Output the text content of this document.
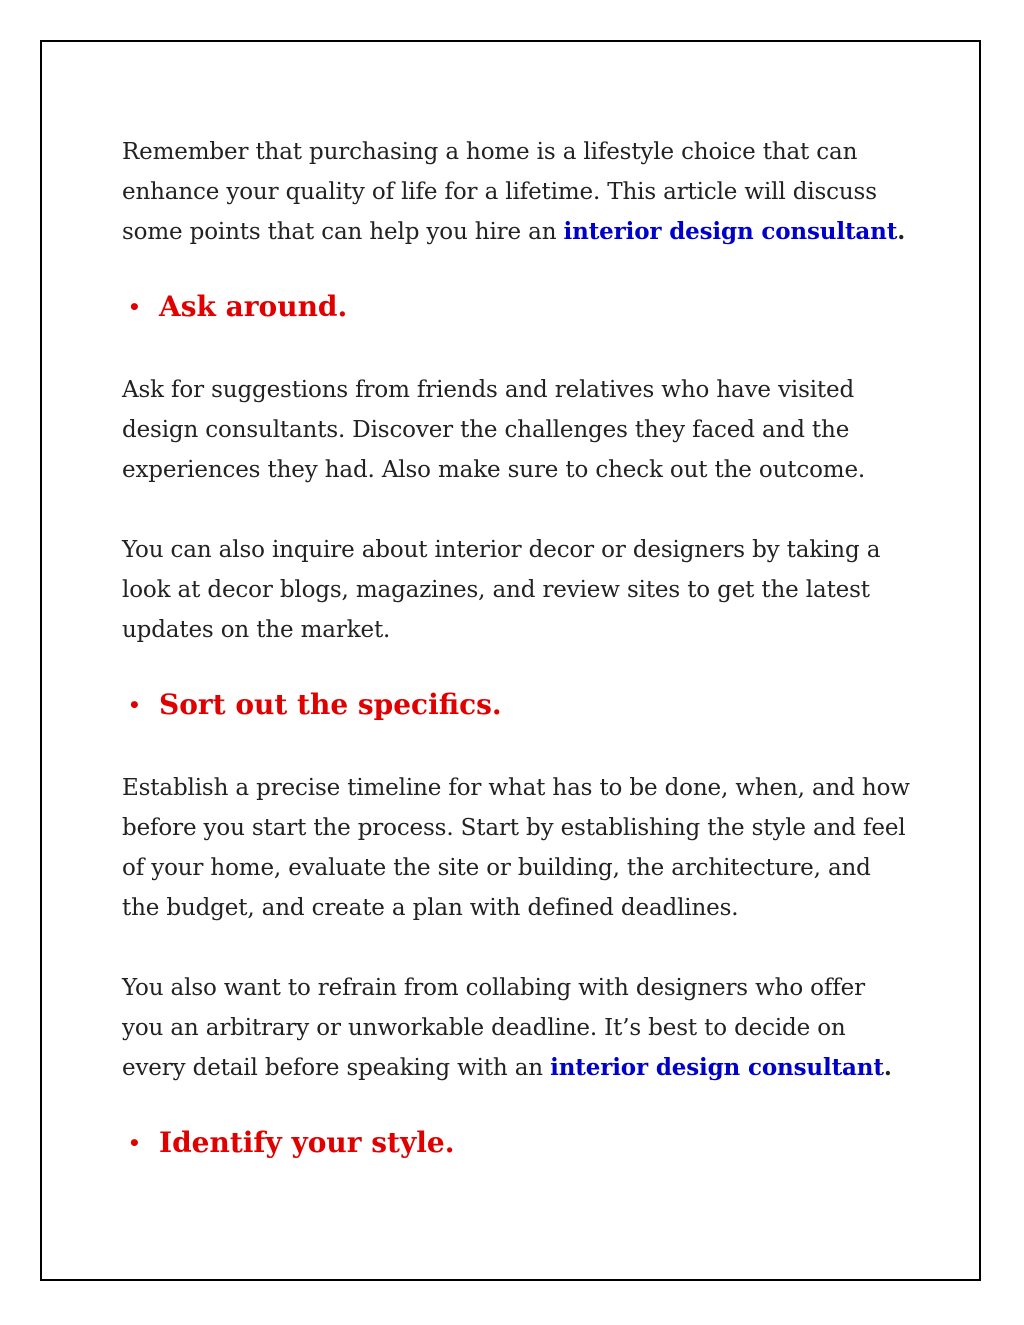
Remember that purchasing a home is a lifestyle choice that can enhance your quality of life for a lifetime. This article will discuss some points that can help you hire an interior design consultant.

• Ask around.

Ask for suggestions from friends and relatives who have visited design consultants. Discover the challenges they faced and the experiences they had. Also make sure to check out the outcome.

You can also inquire about interior decor or designers by taking a look at decor blogs, magazines, and review sites to get the latest updates on the market.

• Sort out the specifics.

Establish a precise timeline for what has to be done, when, and how before you start the process. Start by establishing the style and feel of your home, evaluate the site or building, the architecture, and the budget, and create a plan with defined deadlines.

You also want to refrain from collabing with designers who offer you an arbitrary or unworkable deadline. It’s best to decide on every detail before speaking with an interior design consultant.

• Identify your style.
